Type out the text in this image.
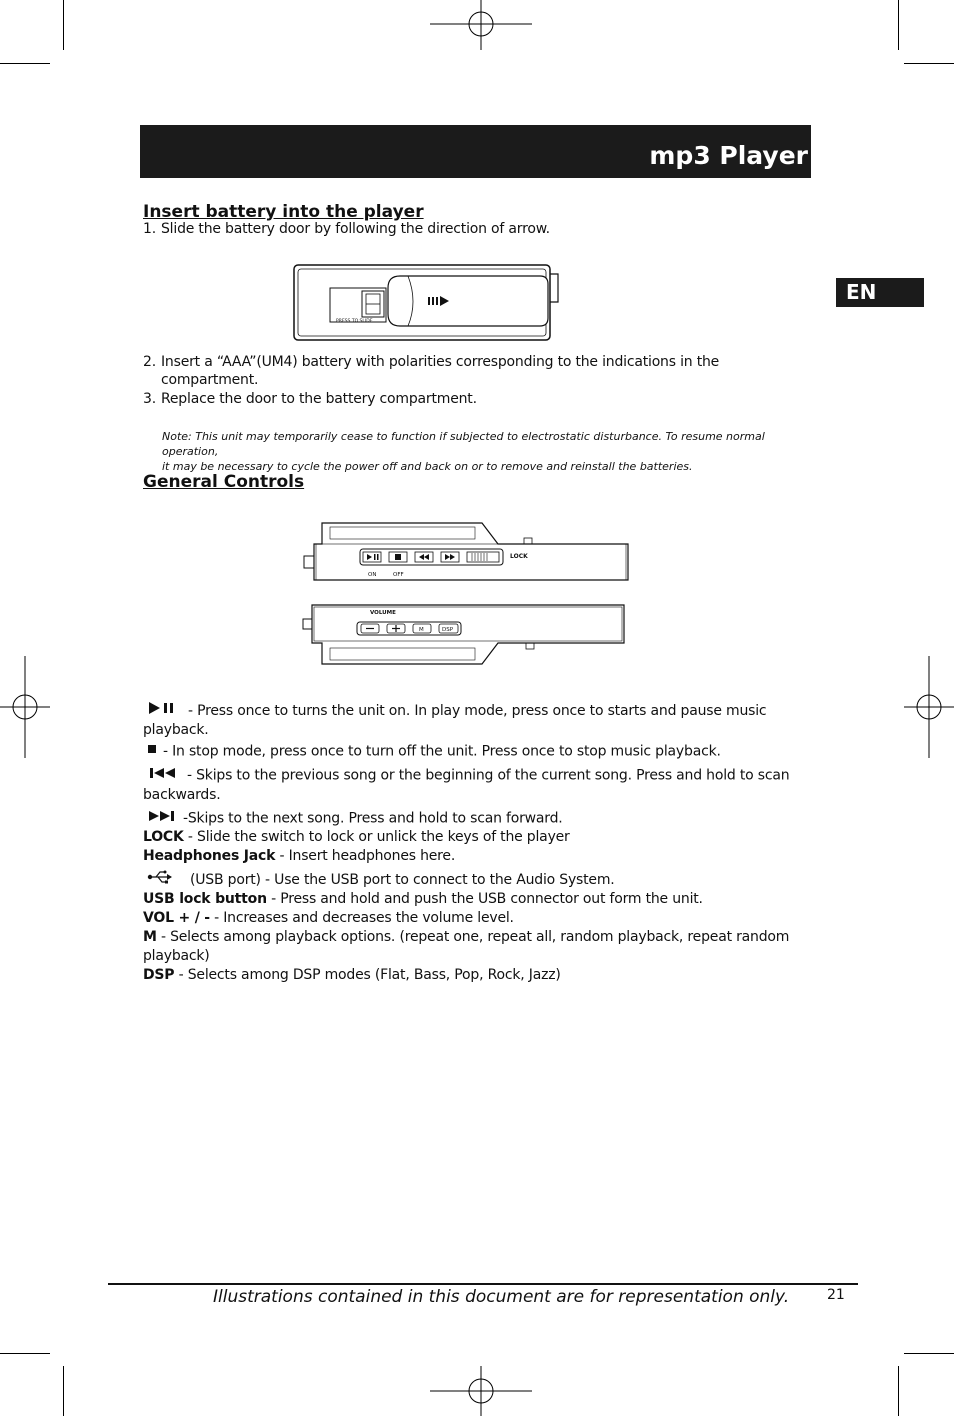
mp3 Player
EN
Insert battery into the player
1. Slide the battery door by following the direction of arrow.
PRESS TO SLIDE
2. Insert a “AAA”(UM4) battery with polarities corresponding to the indications in the
compartment.
3. Replace the door to the battery compartment.
Note: This unit may temporarily cease to function if subjected to electrostatic disturbance. To resume normal operation,
it may be necessary to cycle the power off and back on or to remove and reinstall the batteries.
General Controls
LOCK
ON	OFF
VOLUME
M	DSP
- Press once to turns the unit on. In play mode, press once to starts and pause music
playback.
- In stop mode, press once to turn off the unit. Press once to stop music playback.
- Skips to the previous song or the beginning of the current song. Press and hold to scan
backwards.
-Skips to the next song. Press and hold to scan forward.
LOCK - Slide the switch to lock or unlick the keys of the player
Headphones Jack - Insert headphones here.
(USB port) - Use the USB port to connect to the Audio System.
USB lock button - Press and hold and push the USB connector out form the unit.
VOL + / - - Increases and decreases the volume level.
M - Selects among playback options. (repeat one, repeat all, random playback, repeat random
playback)
DSP - Selects among DSP modes (Flat, Bass, Pop, Rock, Jazz)
Illustrations contained in this document are for representation only.	21
